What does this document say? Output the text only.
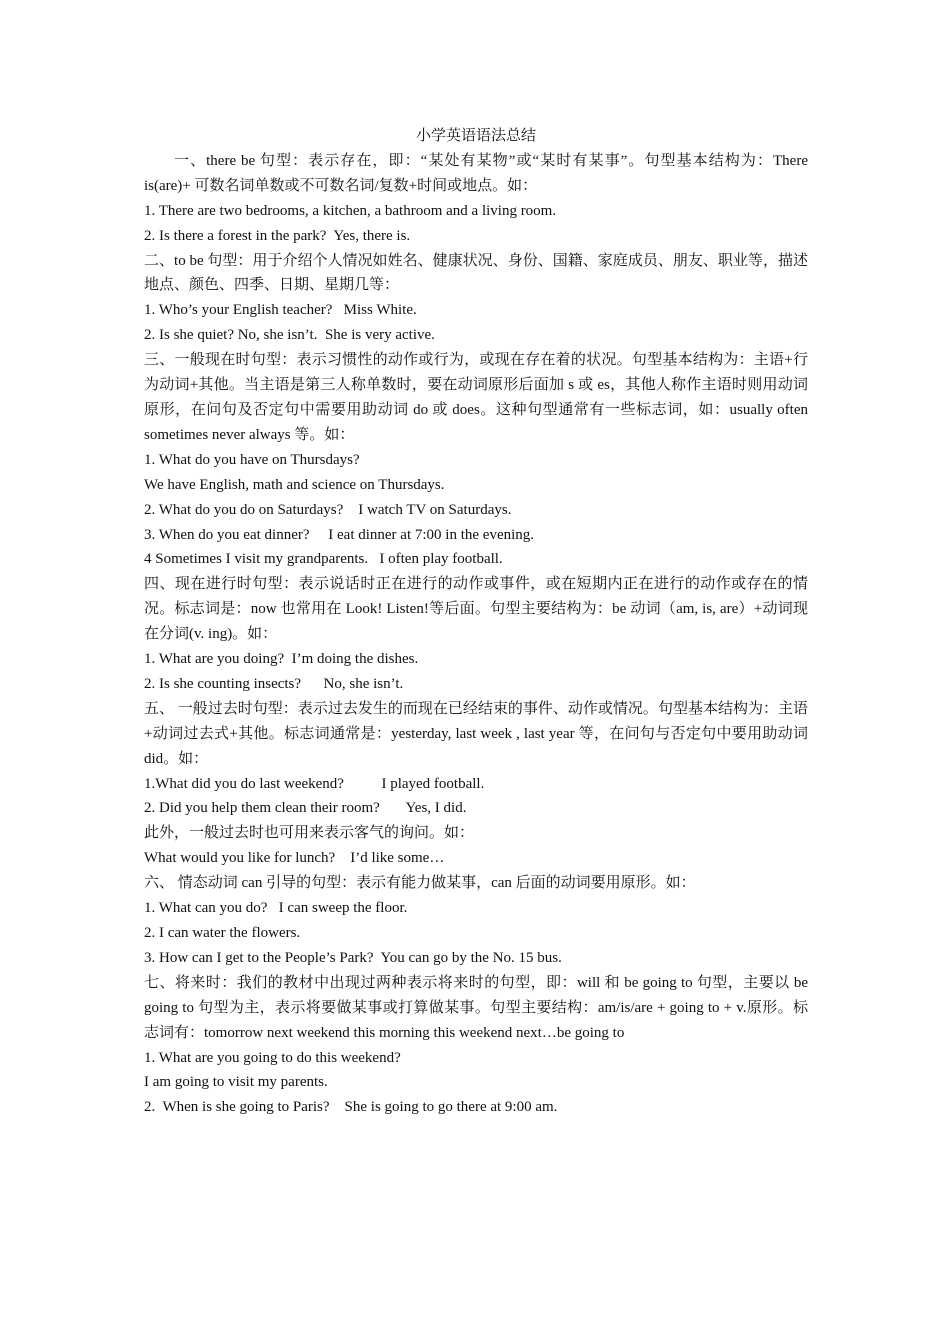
小学英语语法总结

一、there be 句型：表示存在，即：“某处有某物”或“某时有某事”。句型基本结构为：There is(are)+ 可数名词单数或不可数名词/复数+时间或地点。如：

1. There are two bedrooms, a kitchen, a bathroom and a living room.

2. Is there a forest in the park?  Yes, there is.

二、to be 句型：用于介绍个人情况如姓名、健康状况、身份、国籍、家庭成员、朋友、职业等，描述地点、颜色、四季、日期、星期几等：

1. Who’s your English teacher?   Miss White.

2. Is she quiet? No, she isn’t.  She is very active.

三、一般现在时句型：表示习惯性的动作或行为，或现在存在着的状况。句型基本结构为：主语+行为动词+其他。当主语是第三人称单数时，要在动词原形后面加 s 或 es，其他人称作主语时则用动词原形，在问句及否定句中需要用助动词 do 或 does。这种句型通常有一些标志词，如：usually often sometimes never always 等。如：

1. What do you have on Thursdays?

We have English, math and science on Thursdays.

2. What do you do on Saturdays?    I watch TV on Saturdays.

3. When do you eat dinner?     I eat dinner at 7:00 in the evening.

4 Sometimes I visit my grandparents.   I often play football.

四、现在进行时句型：表示说话时正在进行的动作或事件，或在短期内正在进行的动作或存在的情况。标志词是：now 也常用在 Look! Listen!等后面。句型主要结构为：be 动词（am, is, are）+动词现在分词(v. ing)。如：

1. What are you doing?  I’m doing the dishes.

2. Is she counting insects?      No, she isn’t.

五、 一般过去时句型：表示过去发生的而现在已经结束的事件、动作或情况。句型基本结构为：主语+动词过去式+其他。标志词通常是：yesterday, last week , last year 等，在问句与否定句中要用助动词 did。如：

1.What did you do last weekend?          I played football.

2. Did you help them clean their room?       Yes, I did.

此外，一般过去时也可用来表示客气的询问。如：

What would you like for lunch?    I’d like some…

六、 情态动词 can 引导的句型：表示有能力做某事，can 后面的动词要用原形。如：

1. What can you do?   I can sweep the floor.

2. I can water the flowers.

3. How can I get to the People’s Park?  You can go by the No. 15 bus.

七、将来时：我们的教材中出现过两种表示将来时的句型，即：will 和 be going to 句型，主要以 be going to 句型为主，表示将要做某事或打算做某事。句型主要结构：am/is/are + going to + v.原形。标志词有：tomorrow next weekend this morning this weekend next…be going to

1. What are you going to do this weekend?

I am going to visit my parents.

2.  When is she going to Paris?    She is going to go there at 9:00 am.
